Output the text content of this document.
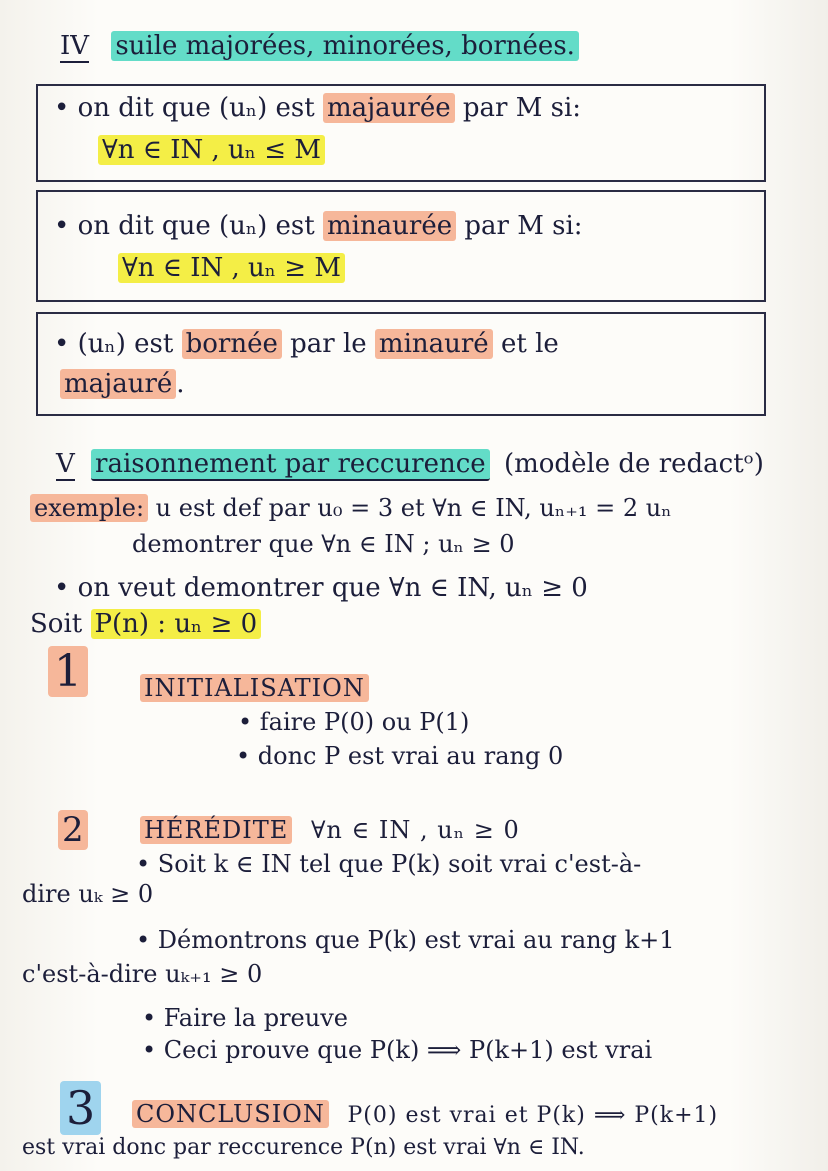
IV suile majorées, minorées, bornées.
• on dit que (uₙ) est majaurée par M si:
∀n ∈ IN , uₙ ≤ M
• on dit que (uₙ) est minaurée par M si:
∀n ∈ IN , uₙ ≥ M
• (uₙ) est bornée par le minauré et le
majauré .
V raisonnement par reccurence (modèle de redactᵒ)
exemple: u est def par u₀ = 3 et ∀n ∈ IN, uₙ₊₁ = 2 uₙ
demontrer que ∀n ∈ IN ; uₙ ≥ 0
• on veut demontrer que ∀n ∈ IN, uₙ ≥ 0
Soit P(n) : uₙ ≥ 0
1	INITIALISATION
• faire P(0) ou P(1)
• donc P est vrai au rang 0
2	HÉRÉDITE ∀n ∈ IN , uₙ ≥ 0
• Soit k ∈ IN tel que P(k) soit vrai c'est-à-
dire uₖ ≥ 0
• Démontrons que P(k) est vrai au rang k+1
c'est-à-dire uₖ₊₁ ≥ 0
• Faire la preuve
• Ceci prouve que P(k) ⟹ P(k+1) est vrai
3 CONCLUSION P(0) est vrai et P(k) ⟹ P(k+1)
est vrai donc par reccurence P(n) est vrai ∀n ∈ IN.
